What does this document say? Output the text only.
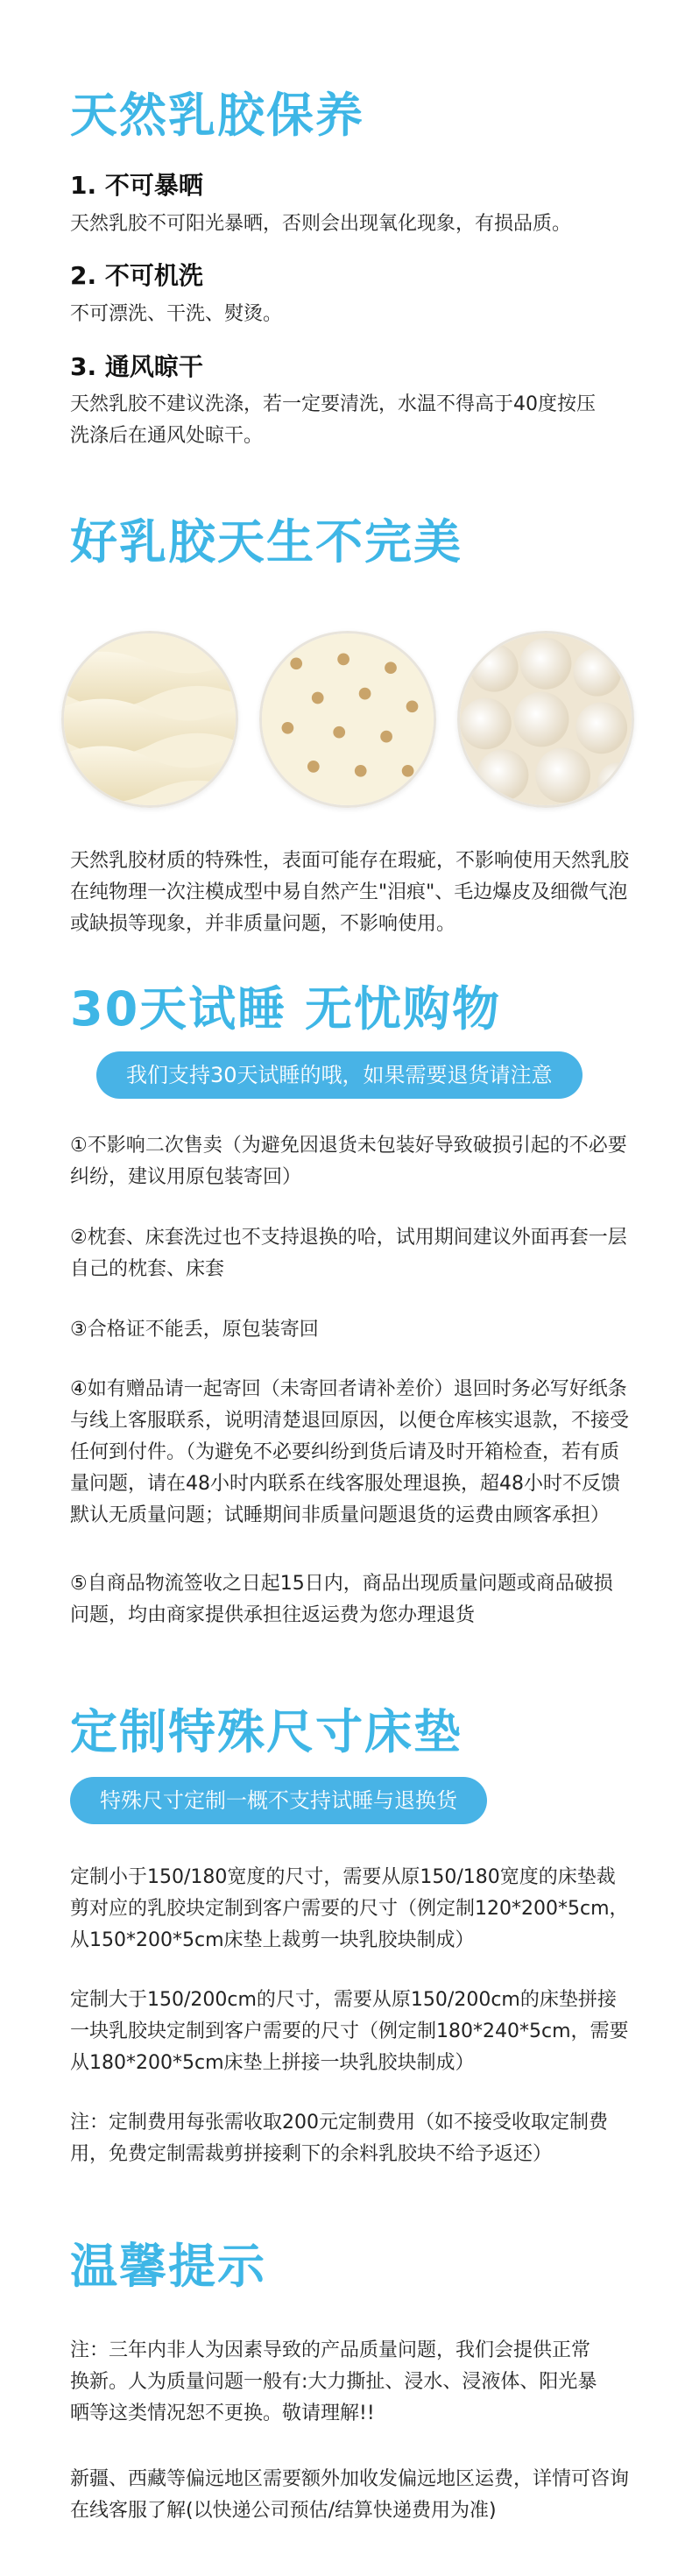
天然乳胶保养
1. 不可暴晒
天然乳胶不可阳光暴晒，否则会出现氧化现象，有损品质。
2. 不可机洗
不可漂洗、干洗、熨烫。
3. 通风晾干
天然乳胶不建议洗涤，若一定要清洗，水温不得高于40度按压洗涤后在通风处晾干。
好乳胶天生不完美
天然乳胶材质的特殊性，表面可能存在瑕疵，不影响使用天然乳胶在纯物理一次注模成型中易自然产生"泪痕"、毛边爆皮及细微气泡或缺损等现象，并非质量问题，不影响使用。
30天试睡 无忧购物
我们支持30天试睡的哦，如果需要退货请注意
①不影响二次售卖（为避免因退货未包装好导致破损引起的不必要纠纷，建议用原包装寄回）
②枕套、床套洗过也不支持退换的哈，试用期间建议外面再套一层自己的枕套、床套
③合格证不能丢，原包装寄回
④如有赠品请一起寄回（未寄回者请补差价）退回时务必写好纸条与线上客服联系，说明清楚退回原因，以便仓库核实退款，不接受任何到付件。（为避免不必要纠纷到货后请及时开箱检查，若有质量问题，请在48小时内联系在线客服处理退换，超48小时不反馈默认无质量问题；试睡期间非质量问题退货的运费由顾客承担）
⑤自商品物流签收之日起15日内，商品出现质量问题或商品破损问题，均由商家提供承担往返运费为您办理退货
定制特殊尺寸床垫
特殊尺寸定制一概不支持试睡与退换货
定制小于150/180宽度的尺寸，需要从原150/180宽度的床垫裁剪对应的乳胶块定制到客户需要的尺寸（例定制120*200*5cm，从150*200*5cm床垫上裁剪一块乳胶块制成）
定制大于150/200cm的尺寸，需要从原150/200cm的床垫拼接一块乳胶块定制到客户需要的尺寸（例定制180*240*5cm，需要从180*200*5cm床垫上拼接一块乳胶块制成）
注：定制费用每张需收取200元定制费用（如不接受收取定制费用，免费定制需裁剪拼接剩下的余料乳胶块不给予返还）
温馨提示
注：三年内非人为因素导致的产品质量问题，我们会提供正常换新。人为质量问题一般有:大力撕扯、浸水、浸液体、阳光暴晒等这类情况恕不更换。敬请理解!!
新疆、西藏等偏远地区需要额外加收发偏远地区运费，详情可咨询在线客服了解(以快递公司预估/结算快递费用为准)
